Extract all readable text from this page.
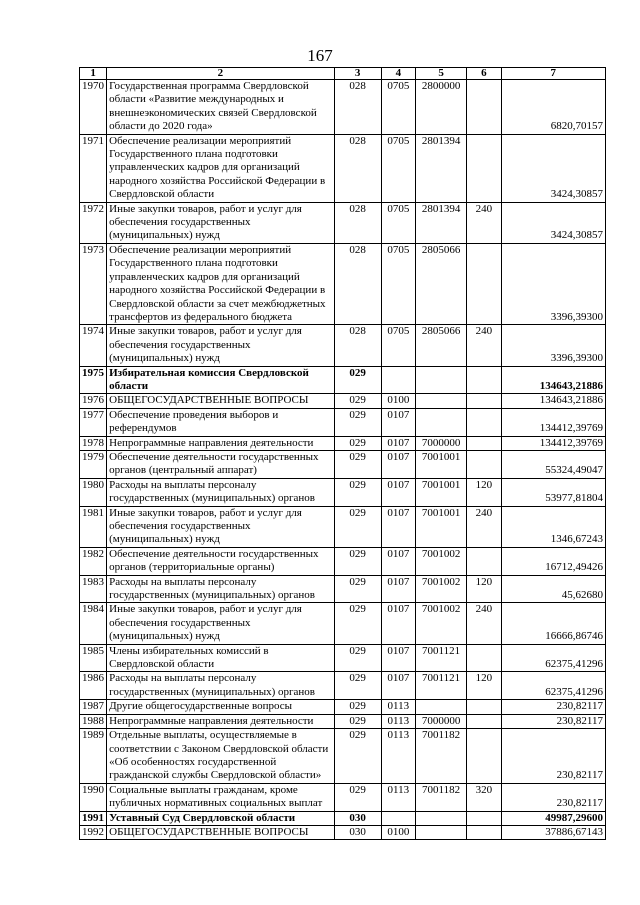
167
1	2	3	4	5	6	7
1970	Государственная программа Свердловской области «Развитие международных и внешнеэкономических связей Свердловской области до 2020 года»	028	0705	2800000		6820,70157
1971	Обеспечение реализации мероприятий Государственного плана подготовки управленческих кадров для организаций народного хозяйства Российской Федерации в Свердловской области	028	0705	2801394		3424,30857
1972	Иные закупки товаров, работ и услуг для обеспечения государственных (муниципальных) нужд	028	0705	2801394	240	3424,30857
1973	Обеспечение реализации мероприятий Государственного плана подготовки управленческих кадров для организаций народного хозяйства Российской Федерации в Свердловской области за счет межбюджетных трансфертов из федерального бюджета	028	0705	2805066		3396,39300
1974	Иные закупки товаров, работ и услуг для обеспечения государственных (муниципальных) нужд	028	0705	2805066	240	3396,39300
1975	Избирательная комиссия Свердловской области	029				134643,21886
1976	ОБЩЕГОСУДАРСТВЕННЫЕ ВОПРОСЫ	029	0100			134643,21886
1977	Обеспечение проведения выборов и референдумов	029	0107			134412,39769
1978	Непрограммные направления деятельности	029	0107	7000000		134412,39769
1979	Обеспечение деятельности государственных органов (центральный аппарат)	029	0107	7001001		55324,49047
1980	Расходы на выплаты персоналу государственных (муниципальных) органов	029	0107	7001001	120	53977,81804
1981	Иные закупки товаров, работ и услуг для обеспечения государственных (муниципальных) нужд	029	0107	7001001	240	1346,67243
1982	Обеспечение деятельности государственных органов (территориальные органы)	029	0107	7001002		16712,49426
1983	Расходы на выплаты персоналу государственных (муниципальных) органов	029	0107	7001002	120	45,62680
1984	Иные закупки товаров, работ и услуг для обеспечения государственных (муниципальных) нужд	029	0107	7001002	240	16666,86746
1985	Члены избирательных комиссий в Свердловской области	029	0107	7001121		62375,41296
1986	Расходы на выплаты персоналу государственных (муниципальных) органов	029	0107	7001121	120	62375,41296
1987	Другие общегосударственные вопросы	029	0113			230,82117
1988	Непрограммные направления деятельности	029	0113	7000000		230,82117
1989	Отдельные выплаты, осуществляемые в соответствии с Законом Свердловской области «Об особенностях государственной гражданской службы Свердловской области»	029	0113	7001182		230,82117
1990	Социальные выплаты гражданам, кроме публичных нормативных социальных выплат	029	0113	7001182	320	230,82117
1991	Уставный Суд Свердловской области	030				49987,29600
1992	ОБЩЕГОСУДАРСТВЕННЫЕ ВОПРОСЫ	030	0100			37886,67143
